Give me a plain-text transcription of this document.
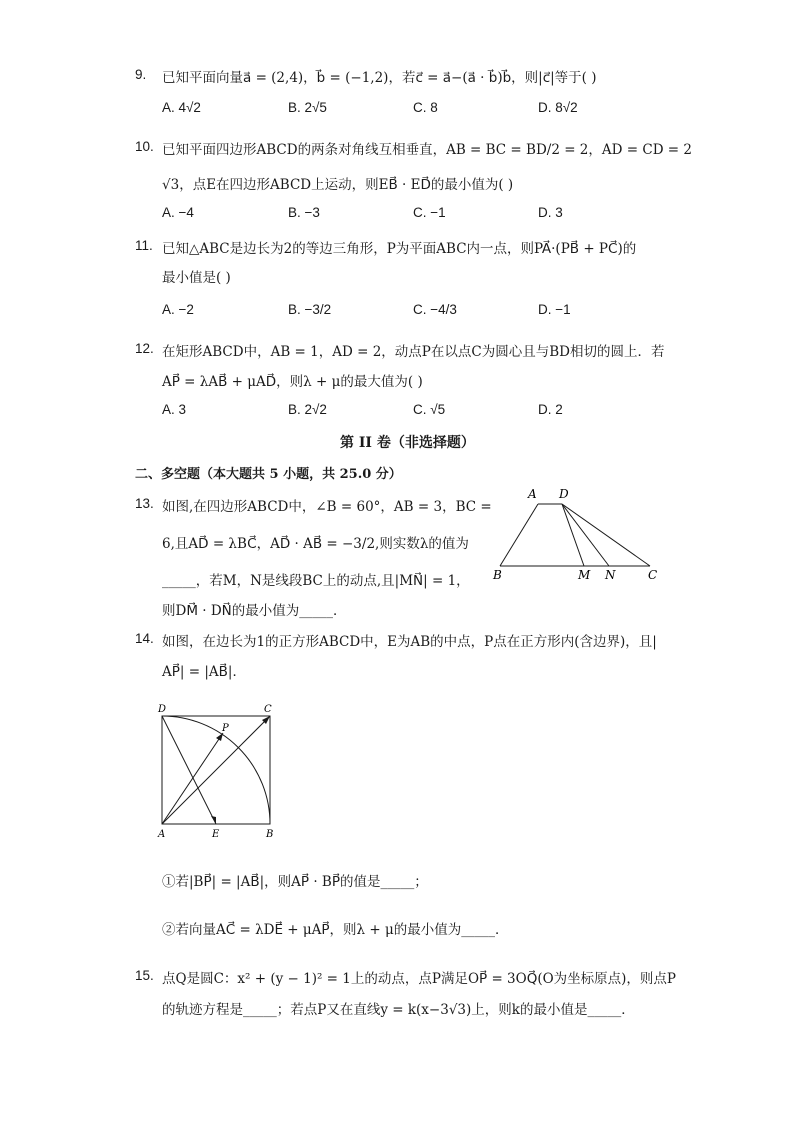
9. 已知平面向量a⃗ = (2,4)，b⃗ = (−1,2)，若c⃗ = a⃗−(a⃗ · b⃗)b⃗，则|c⃗|等于( )
A. 4√2	B. 2√5	C. 8	D. 8√2
10. 已知平面四边形ABCD的两条对角线互相垂直，AB = BC = BD/2 = 2，AD = CD = 2
√3，点E在四边形ABCD上运动，则EB⃗ · ED⃗的最小值为( )
A. −4	B. −3	C. −1	D. 3
11. 已知△ABC是边长为2的等边三角形，P为平面ABC内一点，则PA⃗·(PB⃗ + PC⃗)的
最小值是( )
A. −2	B. −3/2	C. −4/3	D. −1
12. 在矩形ABCD中，AB = 1，AD = 2，动点P在以点C为圆心且与BD相切的圆上．若
AP⃗ = λAB⃗ + μAD⃗，则λ + μ的最大值为( )
A. 3	B. 2√2	C. √5	D. 2
第 II 卷（非选择题）
二、多空题（本大题共 5 小题，共 25.0 分）
13. 如图,在四边形ABCD中，∠B = 60°，AB = 3，BC =
6,且AD⃗ = λBC⃗，AD⃗ · AB⃗ = −3/2,则实数λ的值为
_____，若M，N是线段BC上的动点,且|MN⃗| = 1，
则DM⃗ · DN⃗的最小值为_____．
A D
B	M N	C
14. 如图，在边长为1的正方形ABCD中，E为AB的中点，P点在正方形内(含边界)，且|
AP⃗| = |AB⃗|．
D	C
P
A	E	B
①若|BP⃗| = |AB⃗|，则AP⃗ · BP⃗的值是_____；
②若向量AC⃗ = λDE⃗ + μAP⃗，则λ + μ的最小值为_____．
15. 点Q是圆C：x² + (y − 1)² = 1上的动点，点P满足OP⃗ = 3OQ⃗(O为坐标原点)，则点P
的轨迹方程是_____；若点P又在直线y = k(x−3√3)上，则k的最小值是_____．
